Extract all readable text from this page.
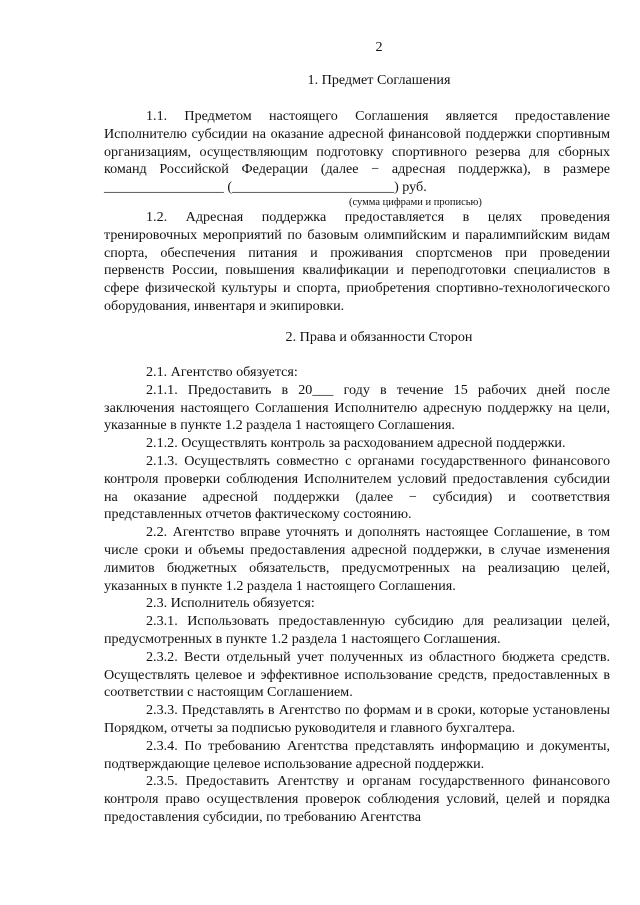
2
1. Предмет Соглашения

1.1. Предметом настоящего Соглашения является предоставление Исполнителю субсидии на оказание адресной финансовой поддержки спортивным организациям, осуществляющим подготовку спортивного резерва для сборных команд Российской Федерации (далее − адресная поддержка), в размере _________________ (_______________________) руб.

(сумма цифрами и прописью)

1.2. Адресная поддержка предоставляется в целях проведения тренировочных мероприятий по базовым олимпийским и паралимпийским видам спорта, обеспечения питания и проживания спортсменов при проведении первенств России, повышения квалификации и переподготовки специалистов в сфере физической культуры и спорта, приобретения спортивно-технологического оборудования, инвентаря и экипировки.

2. Права и обязанности Сторон

2.1. Агентство обязуется:

2.1.1. Предоставить в 20___ году в течение 15 рабочих дней после заключения настоящего Соглашения Исполнителю адресную поддержку на цели, указанные в пункте 1.2 раздела 1 настоящего Соглашения.

2.1.2. Осуществлять контроль за расходованием адресной поддержки.

2.1.3. Осуществлять совместно с органами государственного финансового контроля проверки соблюдения Исполнителем условий предоставления субсидии на оказание адресной поддержки (далее − субсидия) и соответствия представленных отчетов фактическому состоянию.

2.2. Агентство вправе уточнять и дополнять настоящее Соглашение, в том числе сроки и объемы предоставления адресной поддержки, в случае изменения лимитов бюджетных обязательств, предусмотренных на реализацию целей, указанных в пункте 1.2 раздела 1 настоящего Соглашения.

2.3. Исполнитель обязуется:

2.3.1. Использовать предоставленную субсидию для реализации целей, предусмотренных в пункте 1.2 раздела 1 настоящего Соглашения.

2.3.2. Вести отдельный учет полученных из областного бюджета средств. Осуществлять целевое и эффективное использование средств, предоставленных в соответствии с настоящим Соглашением.

2.3.3. Представлять в Агентство по формам и в сроки, которые установлены Порядком, отчеты за подписью руководителя и главного бухгалтера.

2.3.4. По требованию Агентства представлять информацию и документы, подтверждающие целевое использование адресной поддержки.

2.3.5. Предоставить Агентству и органам государственного финансового контроля право осуществления проверок соблюдения условий, целей и порядка предоставления субсидии, по требованию Агентства
